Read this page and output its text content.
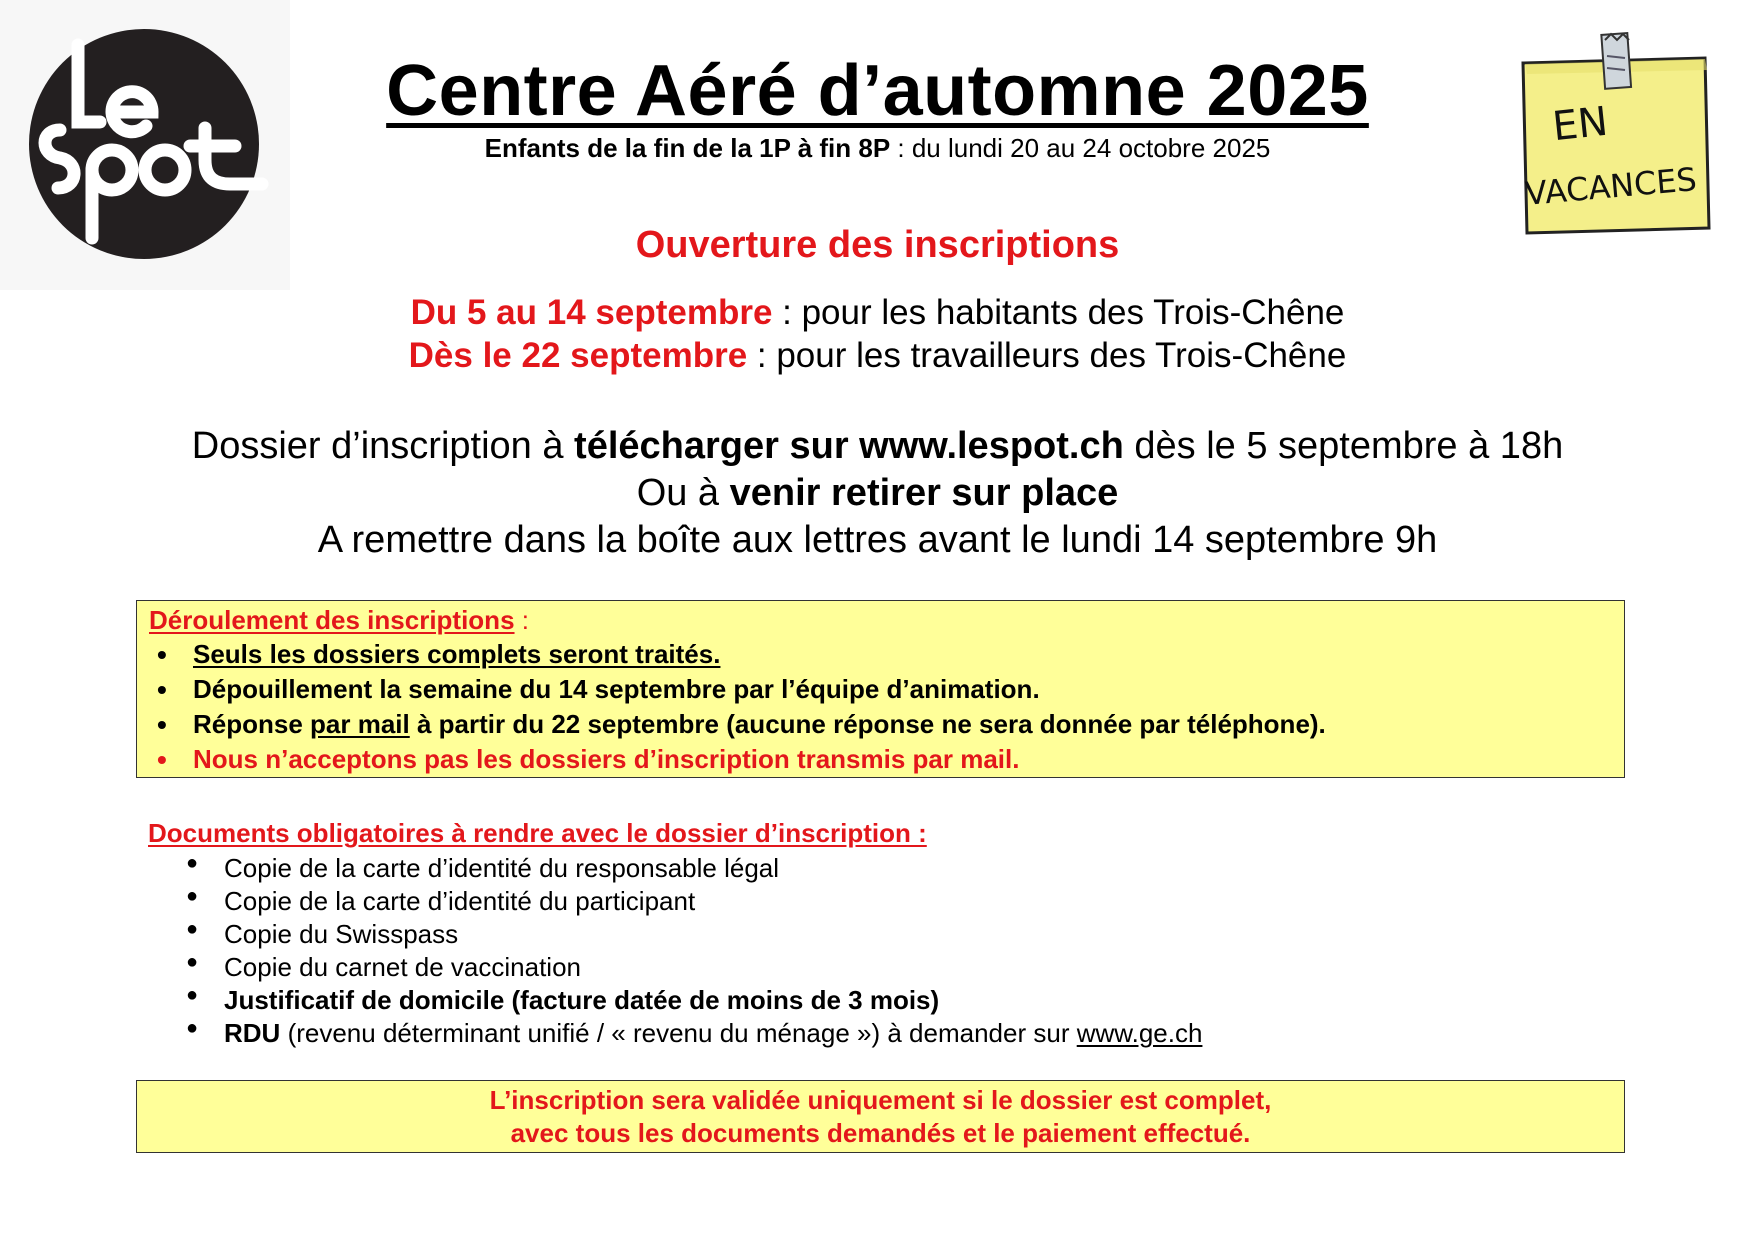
EN
VACANCES
Centre Aéré d’automne 2025
Enfants de la fin de la 1P à fin 8P : du lundi 20 au 24 octobre 2025
Ouverture des inscriptions
Du 5 au 14 septembre : pour les habitants des Trois-Chêne
Dès le 22 septembre : pour les travailleurs des Trois-Chêne
Dossier d’inscription à télécharger sur www.lespot.ch dès le 5 septembre à 18h
Ou à venir retirer sur place
A remettre dans la boîte aux lettres avant le lundi 14 septembre 9h
Déroulement des inscriptions :
• Seuls les dossiers complets seront traités.
• Dépouillement la semaine du 14 septembre par l’équipe d’animation.
• Réponse par mail à partir du 22 septembre (aucune réponse ne sera donnée par téléphone).
• Nous n’acceptons pas les dossiers d’inscription transmis par mail.
Documents obligatoires à rendre avec le dossier d’inscription :
● Copie de la carte d’identité du responsable légal
● Copie de la carte d’identité du participant
● Copie du Swisspass
● Copie du carnet de vaccination
● Justificatif de domicile (facture datée de moins de 3 mois)
● RDU (revenu déterminant unifié / « revenu du ménage ») à demander sur www.ge.ch
L’inscription sera validée uniquement si le dossier est complet,
avec tous les documents demandés et le paiement effectué.
